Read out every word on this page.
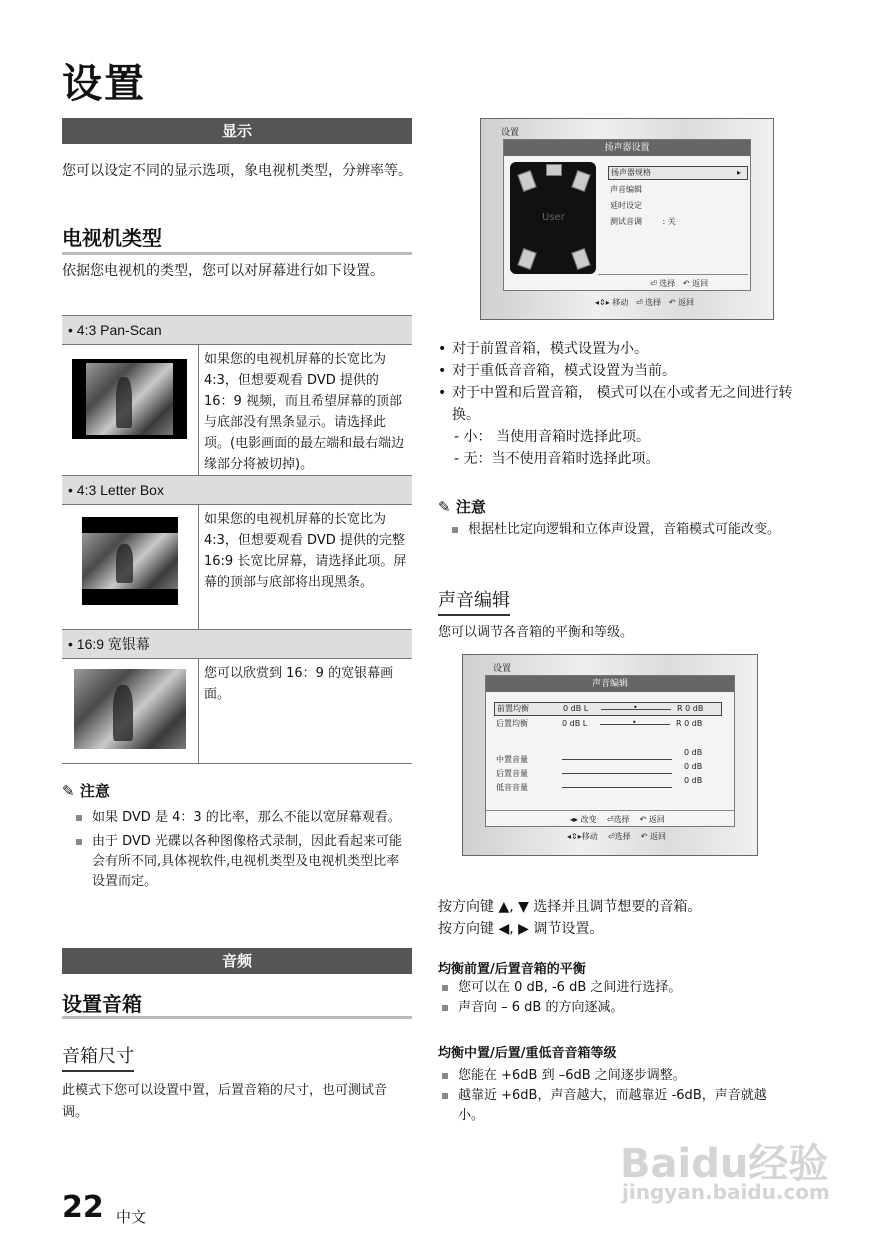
设置
显示
您可以设定不同的显示选项，象电视机类型，分辨率等。
电视机类型
依据您电视机的类型，您可以对屏幕进行如下设置。
• 4:3 Pan-Scan
如果您的电视机屏幕的长宽比为 4:3，但想要观看 DVD 提供的 16：9 视频，而且希望屏幕的顶部与底部没有黑条显示。请选择此项。(电影画面的最左端和最右端边缘部分将被切掉)。
• 4:3 Letter Box
如果您的电视机屏幕的长宽比为 4:3，但想要观看 DVD 提供的完整 16:9 长宽比屏幕，请选择此项。屏幕的顶部与底部将出现黑条。
• 16:9 宽银幕
您可以欣赏到 16：9 的宽银幕画面。
✎ 注意
如果 DVD 是 4：3 的比率，那么不能以宽屏幕观看。
由于 DVD 光碟以各种图像格式录制，因此看起来可能会有所不同,具体视软件,电视机类型及电视机类型比率设置而定。
音频
设置音箱
音箱尺寸
此模式下您可以设置中置，后置音箱的尺寸，也可测试音调。
22 中文
设置
扬声器设置
User
扬声器规格	▸
声音编辑
延时设定
测试音调	: 关
⏎ 选择 ↶ 返回
◂⇕▸ 移动 ⏎ 选择 ↶ 返回
• 对于前置音箱，模式设置为小。
• 对于重低音音箱，模式设置为当前。
• 对于中置和后置音箱， 模式可以在小或者无之间进行转换。
- 小： 当使用音箱时选择此项。
- 无：当不使用音箱时选择此项。
✎ 注意
根据杜比定向逻辑和立体声设置，音箱模式可能改变。
声音编辑
您可以调节各音箱的平衡和等级。
设置
声音编辑
前置均衡	0 dB L	•	R 0 dB
后置均衡	0 dB L	•	R 0 dB
中置音量
0 dB
后置音量
0 dB
低音音量
0 dB
◂▸ 改变 ⏎选择 ↶ 返回
◂⇕▸移动 ⏎选择 ↶ 返回
按方向键 ▲, ▼ 选择并且调节想要的音箱。
按方向键 ◀, ▶ 调节设置。
均衡前置/后置音箱的平衡
您可以在 0 dB, -6 dB 之间进行选择。
声音向 – 6 dB 的方向逐减。
均衡中置/后置/重低音音箱等级
您能在 +6dB 到 –6dB 之间逐步调整。
越靠近 +6dB，声音越大，而越靠近 -6dB，声音就越小。
Baidu经验
jingyan.baidu.com
